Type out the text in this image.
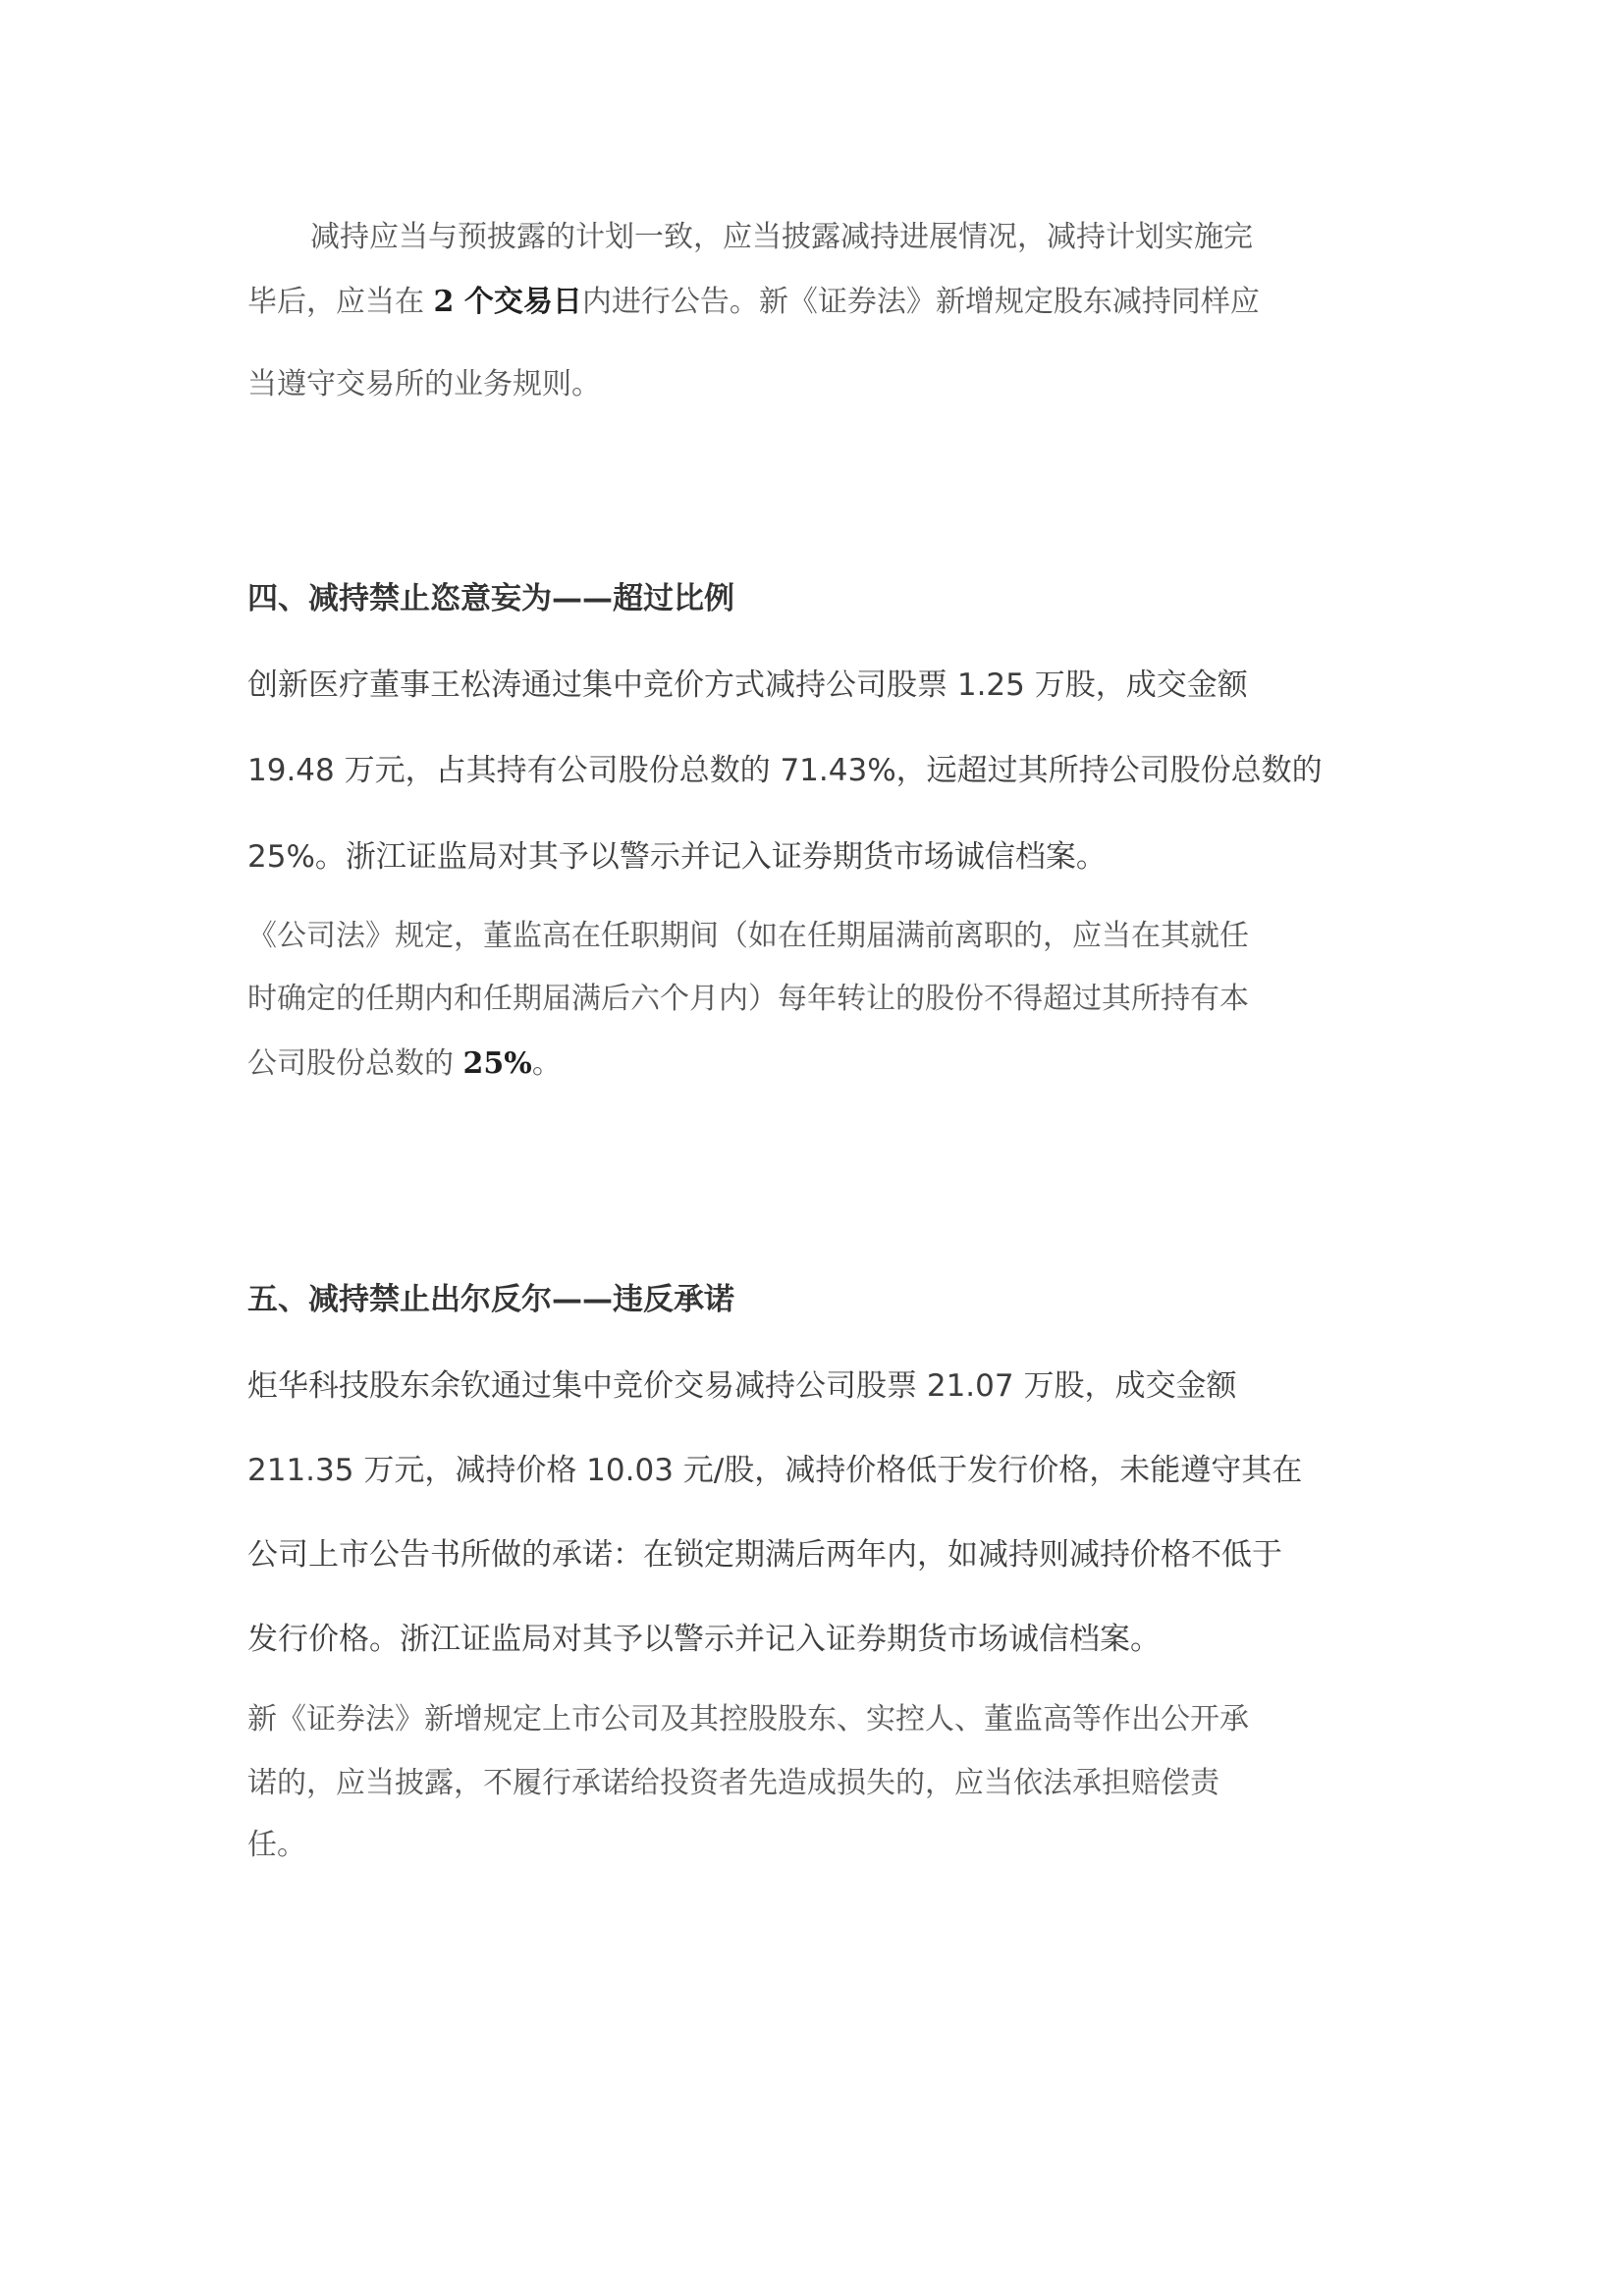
减持应当与预披露的计划一致，应当披露减持进展情况，减持计划实施完
毕后，应当在 2 个交易日内进行公告。新《证券法》新增规定股东减持同样应
当遵守交易所的业务规则。
四、减持禁止恣意妄为——超过比例
创新医疗董事王松涛通过集中竞价方式减持公司股票 1.25 万股，成交金额
19.48 万元，占其持有公司股份总数的 71.43%，远超过其所持公司股份总数的
25%。浙江证监局对其予以警示并记入证券期货市场诚信档案。
《公司法》规定，董监高在任职期间（如在任期届满前离职的，应当在其就任
时确定的任期内和任期届满后六个月内）每年转让的股份不得超过其所持有本
公司股份总数的 25%。
五、减持禁止出尔反尔——违反承诺
炬华科技股东余钦通过集中竞价交易减持公司股票 21.07 万股，成交金额
211.35 万元，减持价格 10.03 元/股，减持价格低于发行价格，未能遵守其在
公司上市公告书所做的承诺：在锁定期满后两年内，如减持则减持价格不低于
发行价格。浙江证监局对其予以警示并记入证券期货市场诚信档案。
新《证券法》新增规定上市公司及其控股股东、实控人、董监高等作出公开承
诺的，应当披露，不履行承诺给投资者先造成损失的，应当依法承担赔偿责
任。
